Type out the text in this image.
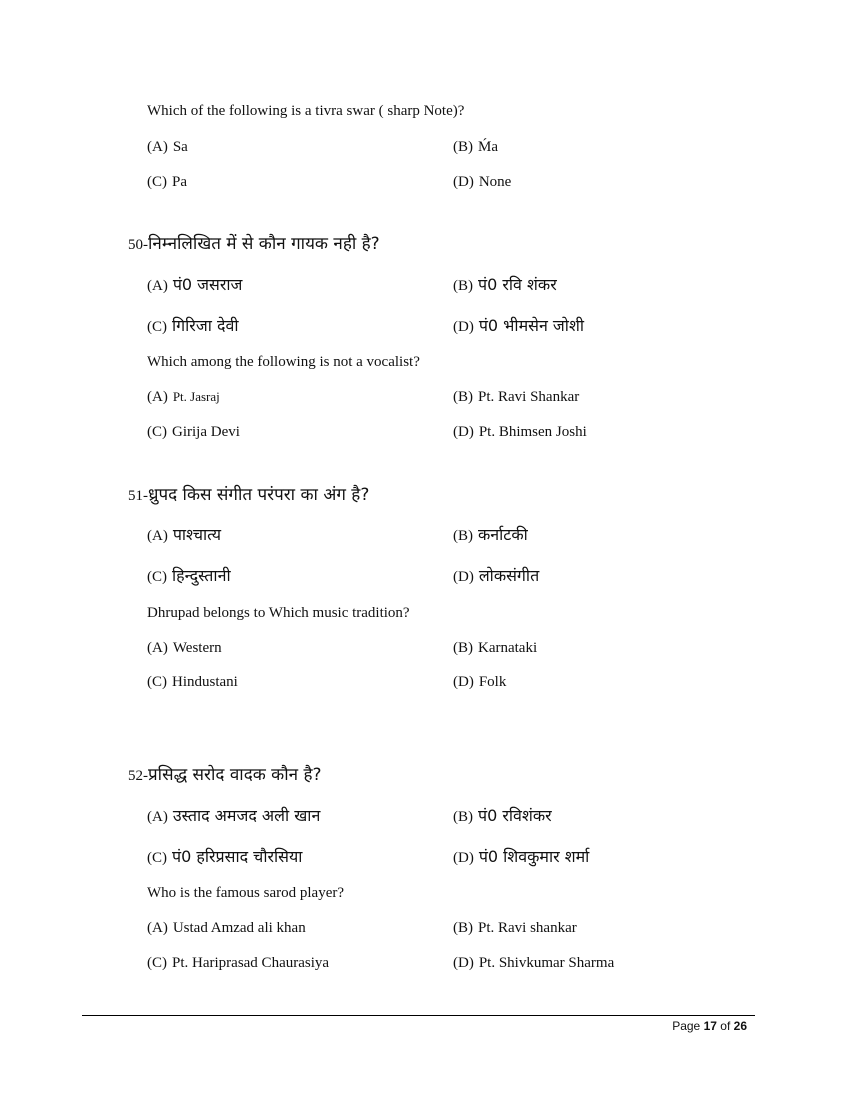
Which of the following is a tivra swar ( sharp Note)?
(A) Sa	(B) Ḿa
(C) Pa	(D) None
50-निम्नलिखित में से कौन गायक नही है?
(A) पं0 जसराज	(B) पं0 रवि शंकर
(C) गिरिजा देवी	(D) पं0 भीमसेन जोशी
Which among the following is not a vocalist?
(A) Pt. Jasraj	(B) Pt. Ravi Shankar
(C) Girija Devi	(D) Pt. Bhimsen Joshi
51-ध्रुपद किस संगीत परंपरा का अंग है?
(A) पाश्चात्य	(B) कर्नाटकी
(C) हिन्दुस्तानी	(D) लोकसंगीत
Dhrupad belongs to Which music tradition?
(A) Western	(B) Karnataki
(C) Hindustani	(D) Folk
52-प्रसिद्ध सरोद वादक कौन है?
(A) उस्ताद अमजद अली खान	(B) पं0 रविशंकर
(C) पं0 हरिप्रसाद चौरसिया	(D) पं0 शिवकुमार शर्मा
Who is the famous sarod player?
(A) Ustad Amzad ali khan	(B) Pt. Ravi shankar
(C) Pt. Hariprasad Chaurasiya	(D) Pt. Shivkumar Sharma
Page 17 of 26
